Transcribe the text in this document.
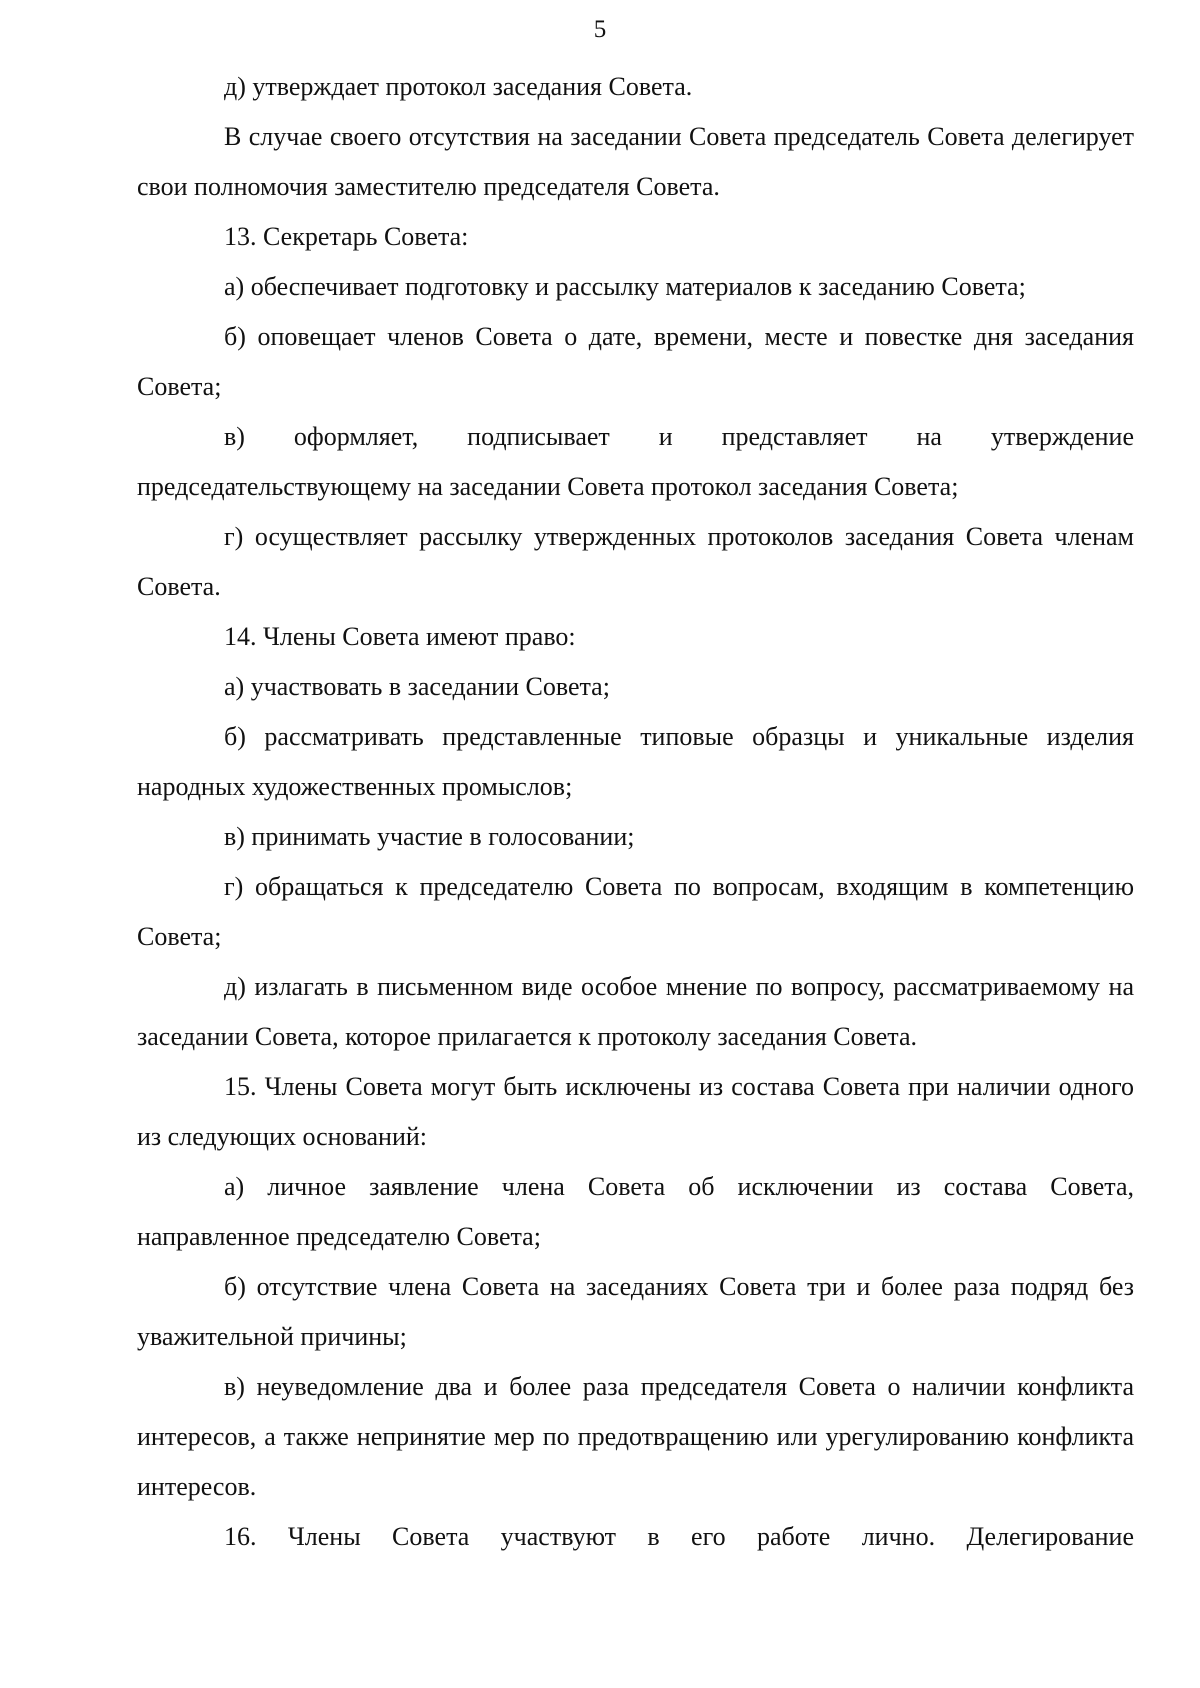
5

д) утверждает протокол заседания Совета.

В случае своего отсутствия на заседании Совета председатель Совета делегирует свои полномочия заместителю председателя Совета.

13. Секретарь Совета:

а) обеспечивает подготовку и рассылку материалов к заседанию Совета;

б) оповещает членов Совета о дате, времени, месте и повестке дня заседания Совета;

в) оформляет, подписывает и представляет на утверждение председательствующему на заседании Совета протокол заседания Совета;

г) осуществляет рассылку утвержденных протоколов заседания Совета членам Совета.

14. Члены Совета имеют право:

а) участвовать в заседании Совета;

б) рассматривать представленные типовые образцы и уникальные изделия народных художественных промыслов;

в) принимать участие в голосовании;

г) обращаться к председателю Совета по вопросам, входящим в компетенцию Совета;

д) излагать в письменном виде особое мнение по вопросу, рассматриваемому на заседании Совета, которое прилагается к протоколу заседания Совета.

15. Члены Совета могут быть исключены из состава Совета при наличии одного из следующих оснований:

а) личное заявление члена Совета об исключении из состава Совета, направленное председателю Совета;

б) отсутствие члена Совета на заседаниях Совета три и более раза подряд без уважительной причины;

в) неуведомление два и более раза председателя Совета о наличии конфликта интересов, а также непринятие мер по предотвращению или урегулированию конфликта интересов.

16. Члены Совета участвуют в его работе лично. Делегирование
